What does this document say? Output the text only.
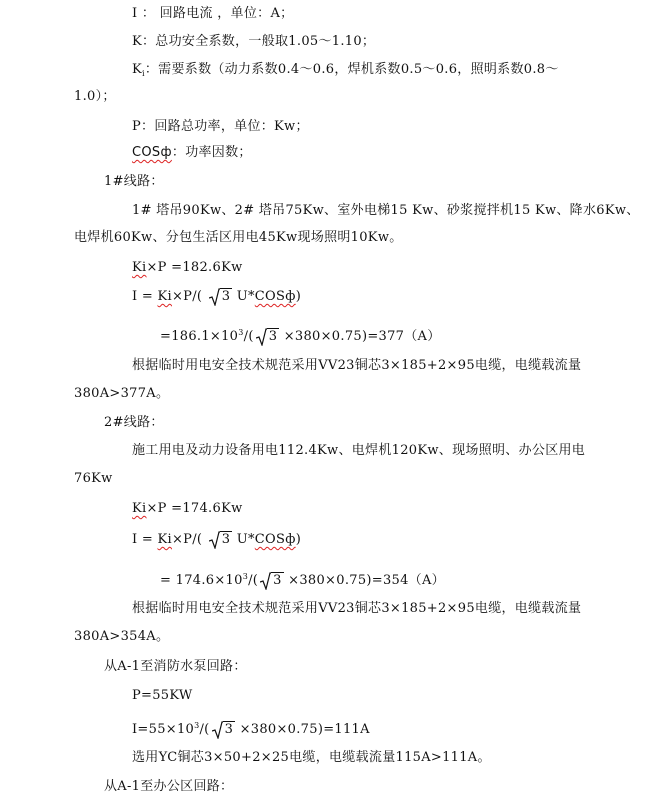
I ： 回路电流 ，单位：A；
K：总功安全系数，一般取1.05～1.10；
$K_i$：需要系数（动力系数0.4～0.6，焊机系数0.5～0.6，照明系数0.8～
1.0）；
P：回路总功率，单位：Kw；
COSф：功率因数；
1#线路：
1# 塔吊90Kw、2# 塔吊75Kw、室外电梯15 Kw、砂浆搅拌机15 Kw、降水6Kw、
电焊机60Kw、分包生活区用电45Kw现场照明10Kw。
Ki×P =182.6Kw
I = Ki×P/(
3 U*COSф)
$=186.1\times 10^3/$( 3 ×380×0.75)=377（A）
根据临时用电安全技术规范采用VV23铜芯3×185+2×95电缆，电缆载流量
380A>377A。
2#线路：
施工用电及动力设备用电112.4Kw、电焊机120Kw、现场照明、办公区用电
76Kw
Ki×P =174.6Kw
I = Ki×P/(
3 U*COSф)
= $174.6\times 10^3/$( 3 ×380×0.75)=354（A）
根据临时用电安全技术规范采用VV23铜芯3×185+2×95电缆，电缆载流量
380A>354A。
从A-1至消防水泵回路：
P=55KW
$I=55\times 10^3/$( 3 ×380×0.75)=111A
选用YC铜芯3×50+2×25电缆，电缆载流量115A>111A。
从A-1至办公区回路：
